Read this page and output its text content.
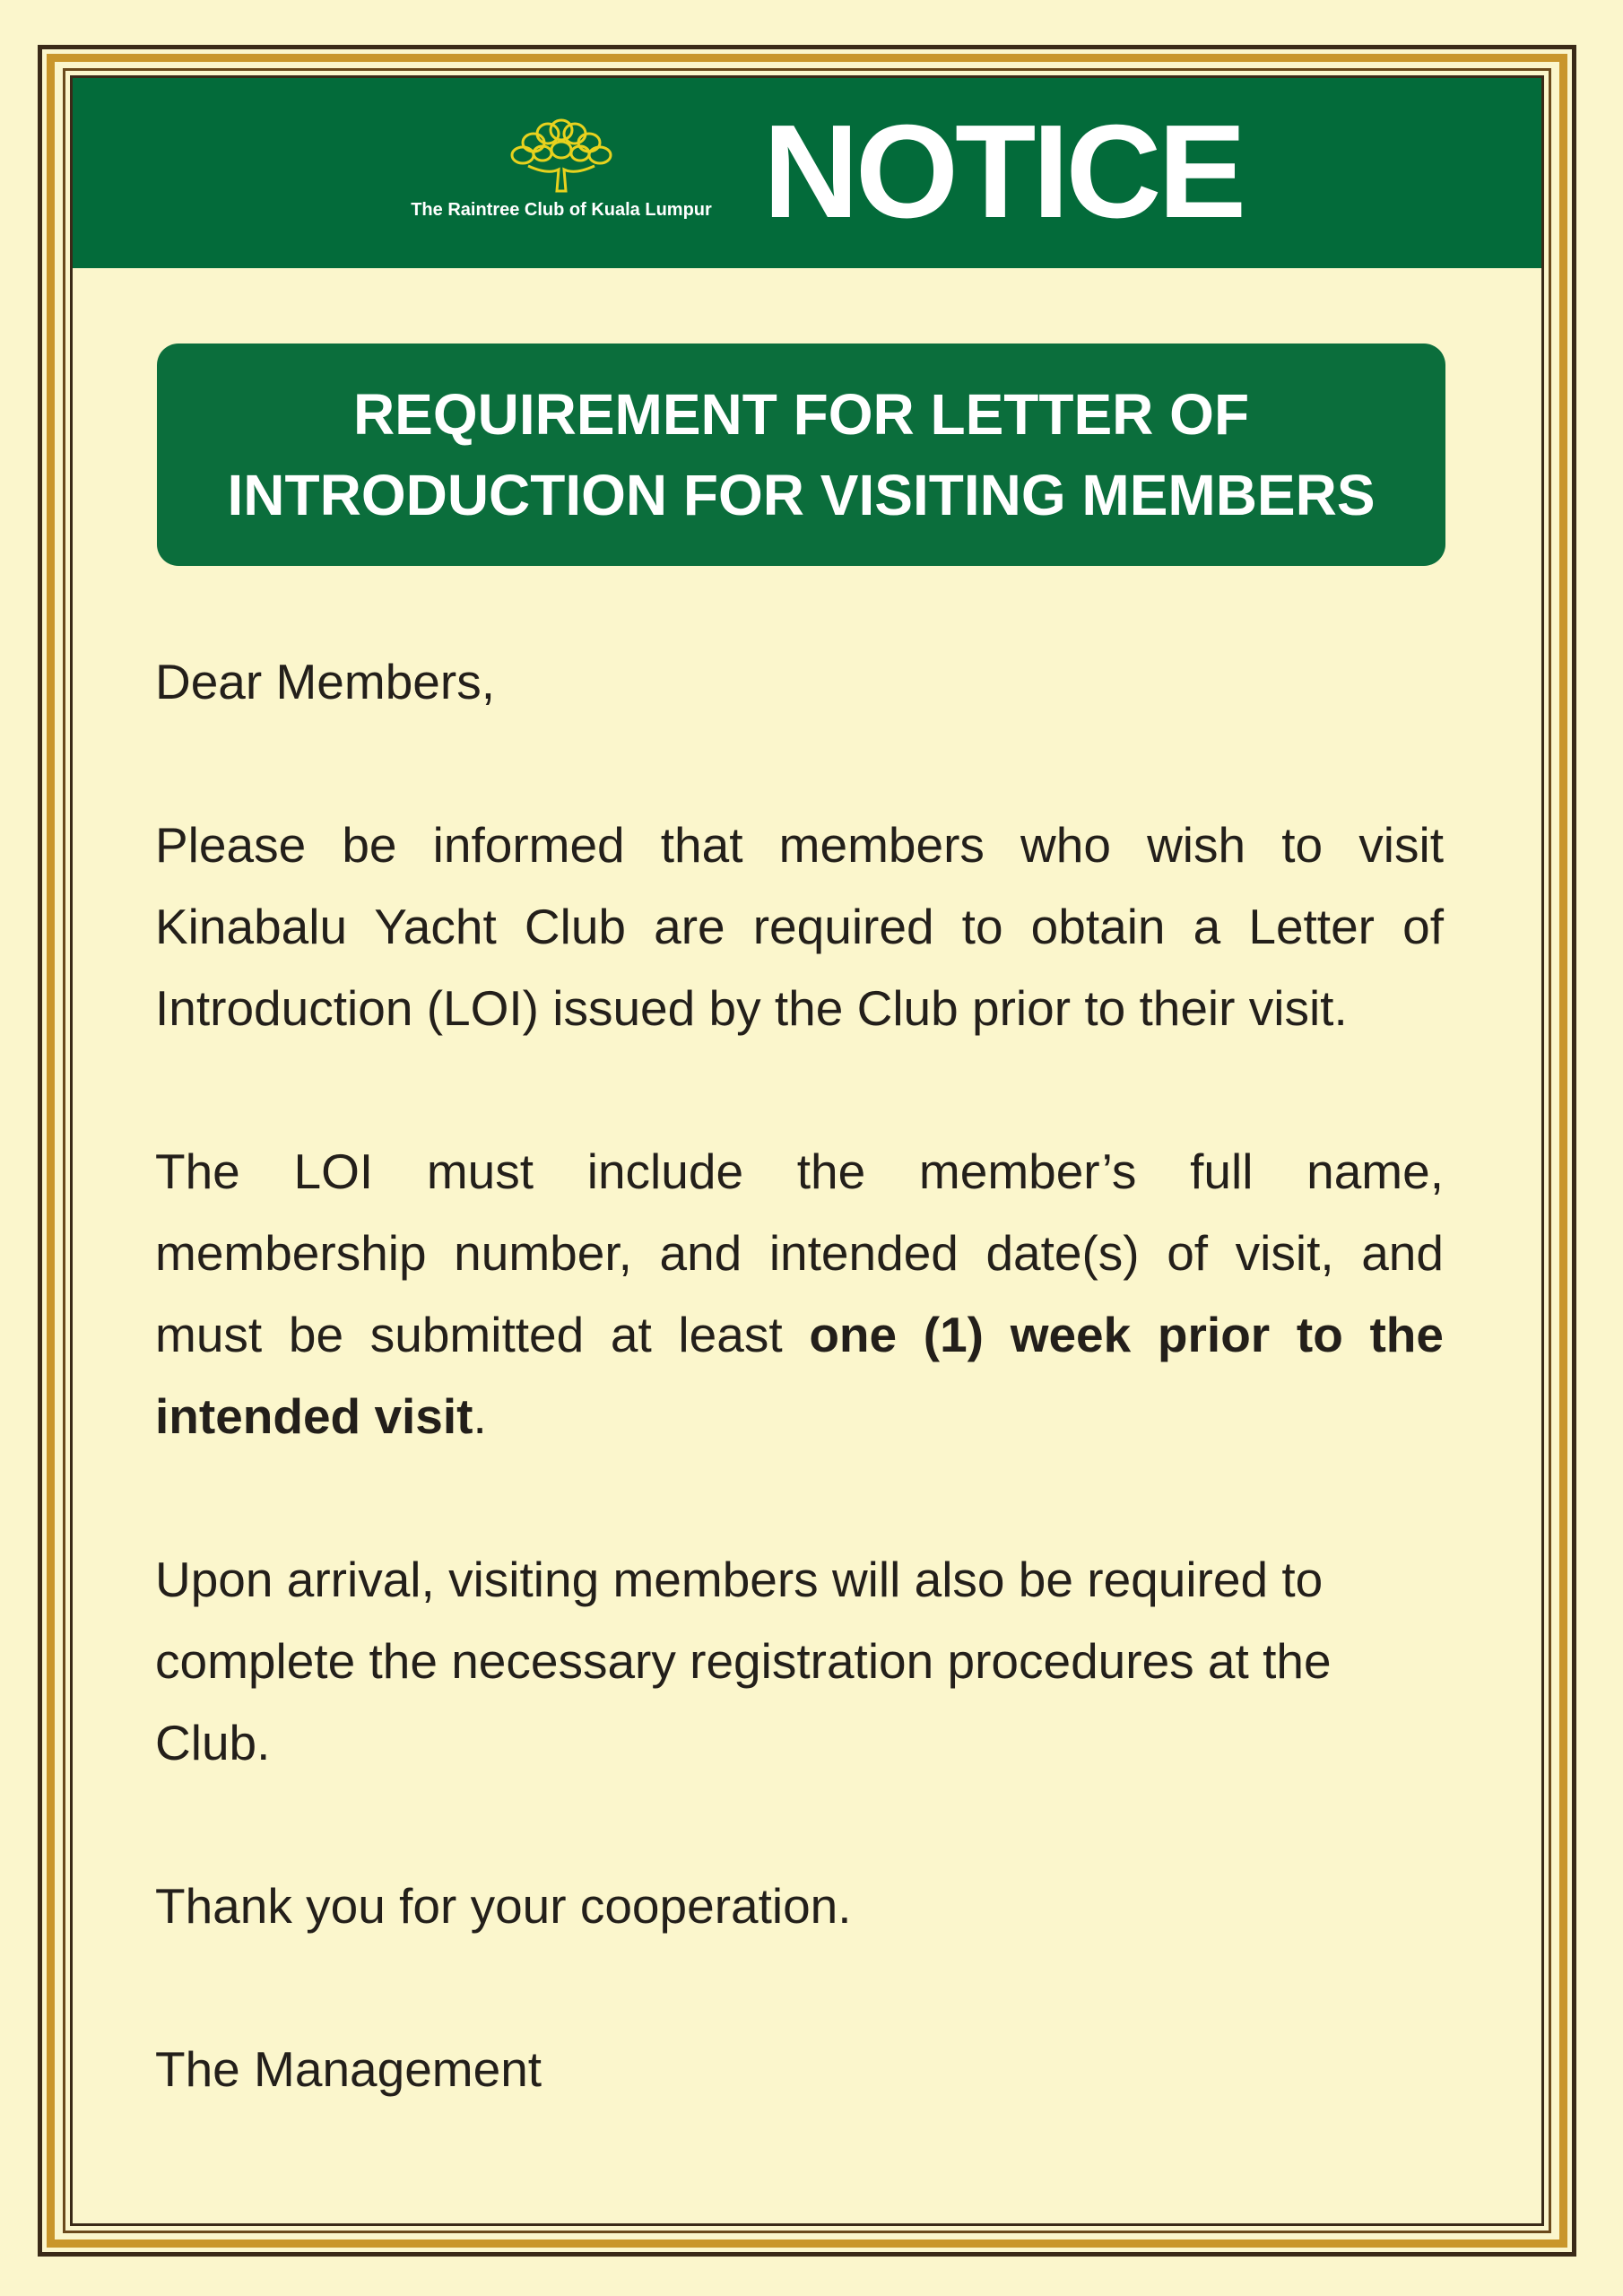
The Raintree Club of Kuala Lumpur NOTICE
REQUIREMENT FOR LETTER OF INTRODUCTION FOR VISITING MEMBERS

Dear Members,

Please be informed that members who wish to visit Kinabalu Yacht Club are required to obtain a Letter of Introduction (LOI) issued by the Club prior to their visit.

The LOI must include the member’s full name, membership number, and intended date(s) of visit, and must be submitted at least one (1) week prior to the intended visit.

Upon arrival, visiting members will also be required to complete the necessary registration procedures at the Club.

Thank you for your cooperation.

The Management
